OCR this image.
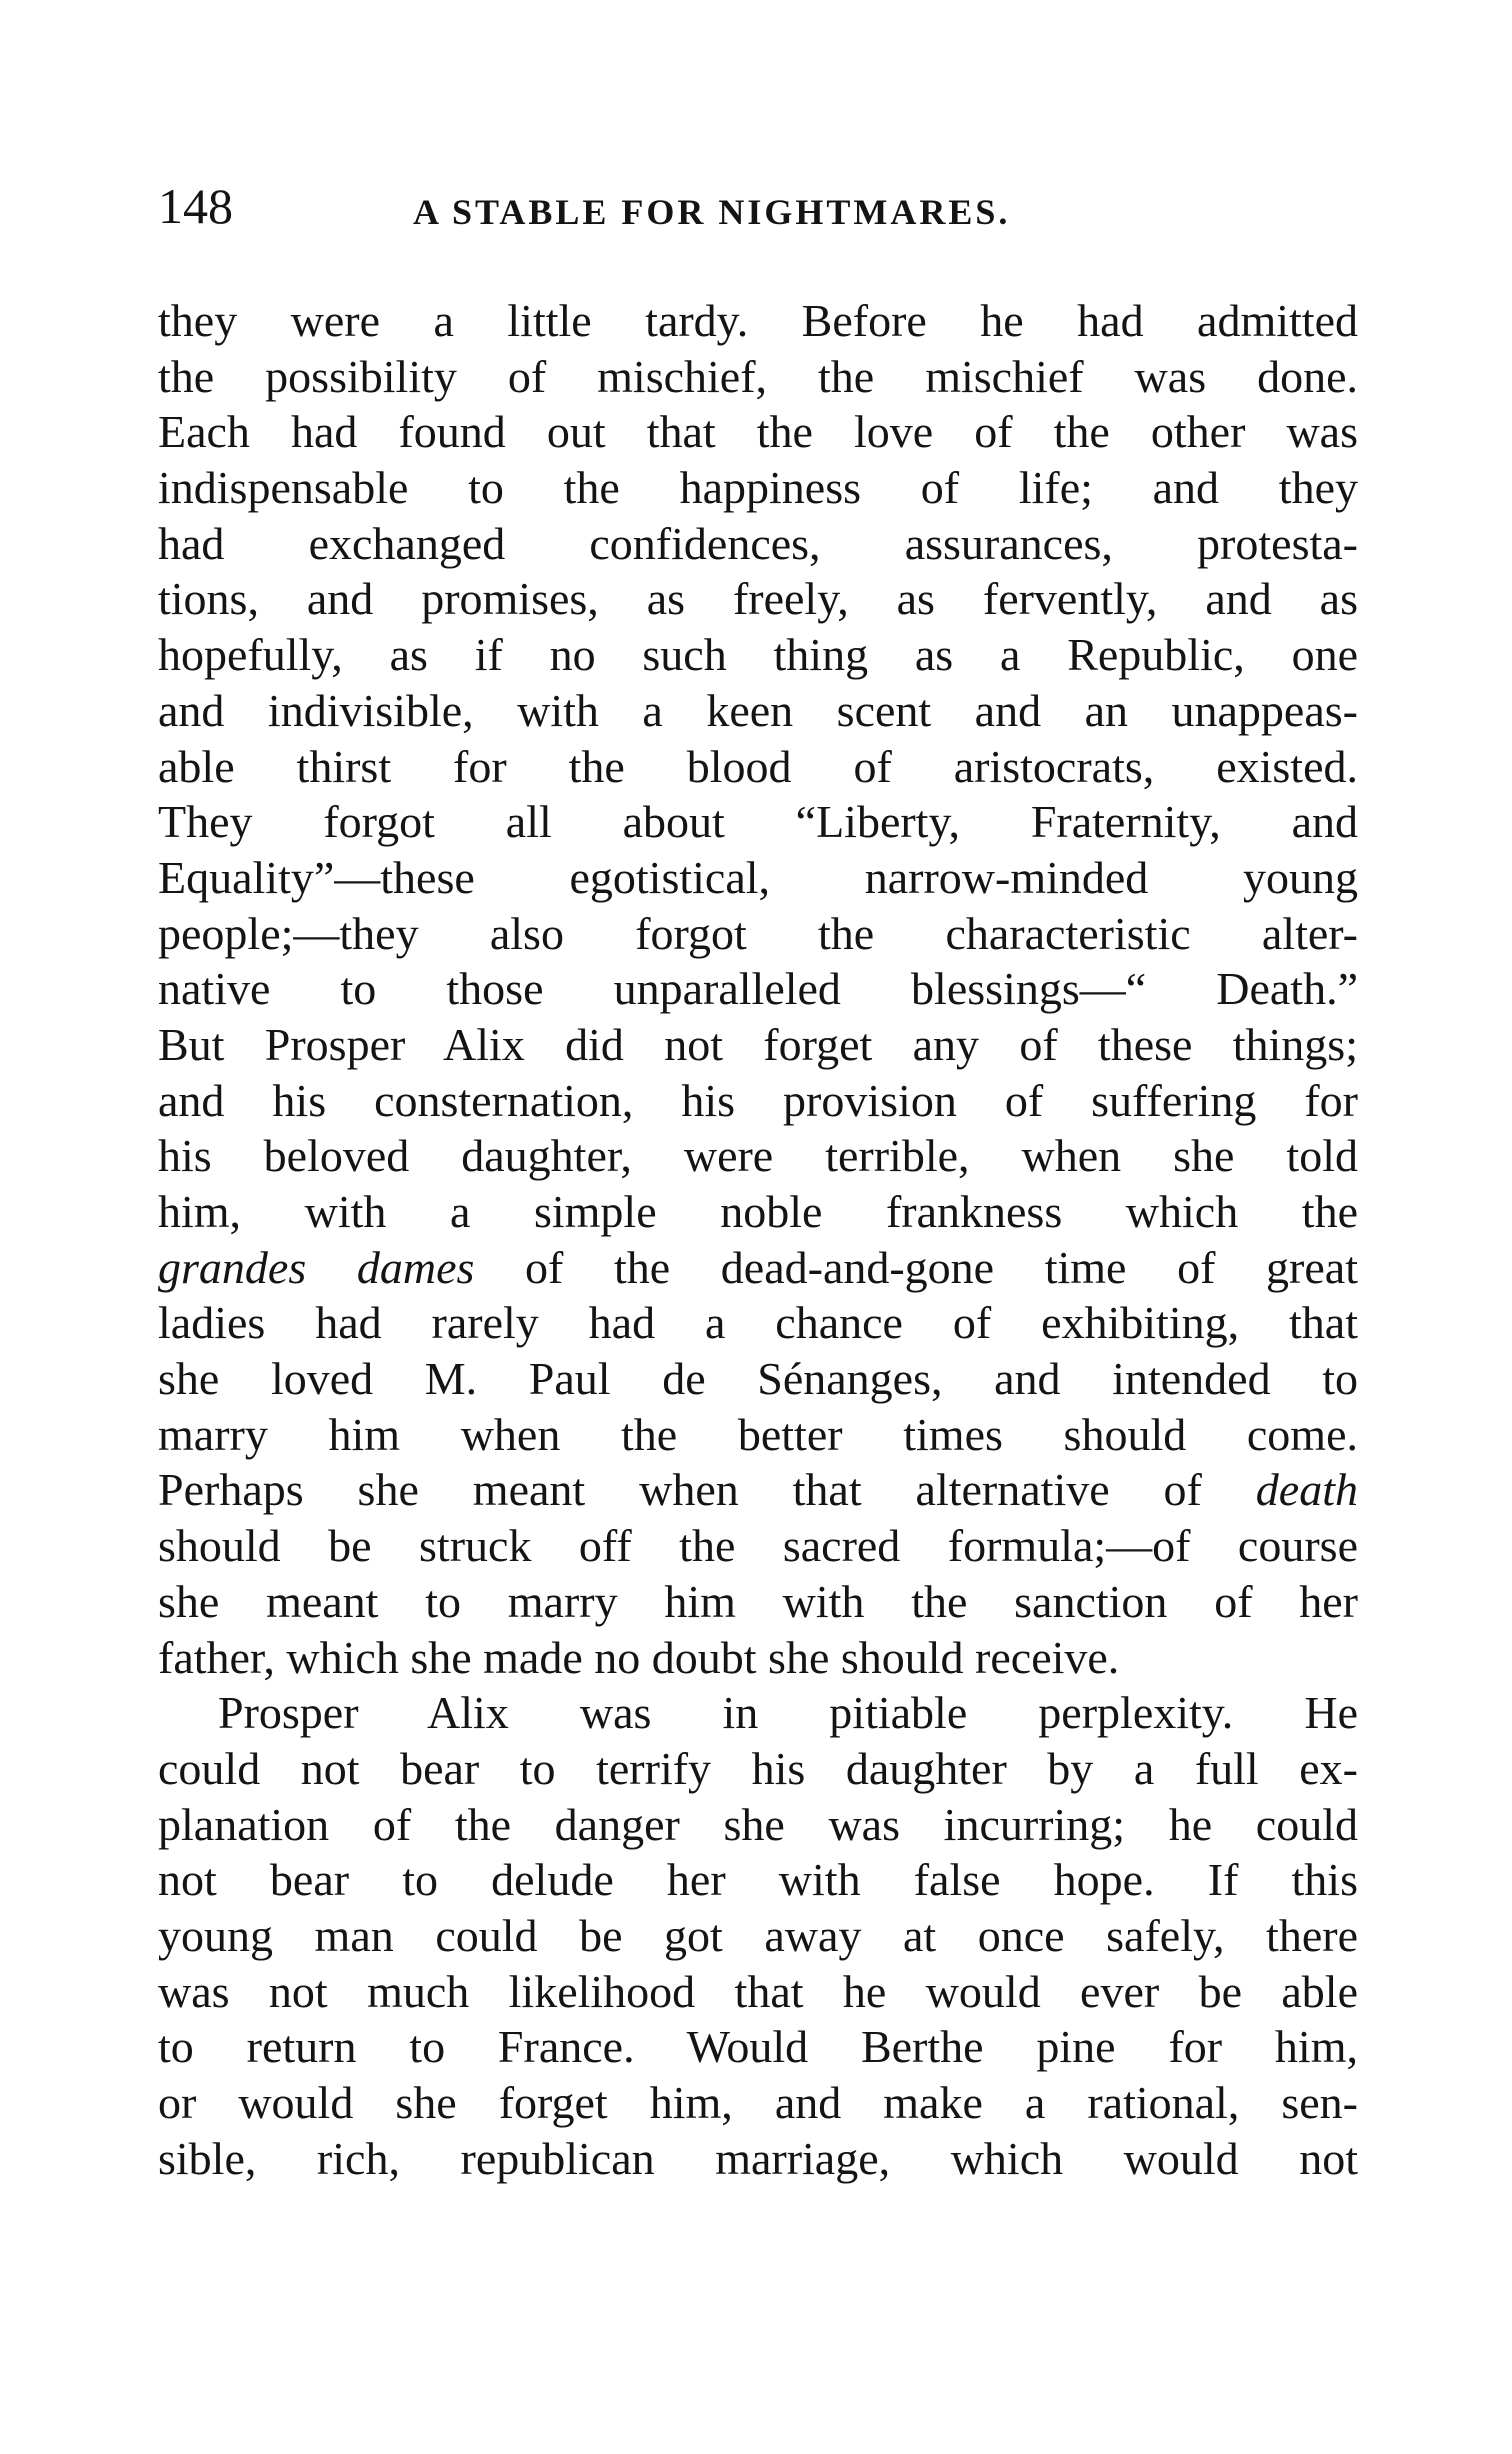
148	A STABLE FOR NIGHTMARES.
they were a little tardy. Before he had admitted
the possibility of mischief, the mischief was done.
Each had found out that the love of the other was
indispensable to the happiness of life; and they
had exchanged confidences, assurances, protesta-
tions, and promises, as freely, as fervently, and as
hopefully, as if no such thing as a Republic, one
and indivisible, with a keen scent and an unappeas-
able thirst for the blood of aristocrats, existed.
They forgot all about “Liberty, Fraternity, and
Equality”—these egotistical, narrow-minded young
people;—they also forgot the characteristic alter-
native to those unparalleled blessings—“ Death.”
But Prosper Alix did not forget any of these things;
and his consternation, his provision of suffering for
his beloved daughter, were terrible, when she told
him, with a simple noble frankness which the
grandes dames of the dead-and-gone time of great
ladies had rarely had a chance of exhibiting, that
she loved M. Paul de Sénanges, and intended to
marry him when the better times should come.
Perhaps she meant when that alternative of death
should be struck off the sacred formula;—of course
she meant to marry him with the sanction of her
father, which she made no doubt she should receive.
Prosper Alix was in pitiable perplexity. He
could not bear to terrify his daughter by a full ex-
planation of the danger she was incurring; he could
not bear to delude her with false hope. If this
young man could be got away at once safely, there
was not much likelihood that he would ever be able
to return to France. Would Berthe pine for him,
or would she forget him, and make a rational, sen-
sible, rich, republican marriage, which would not
